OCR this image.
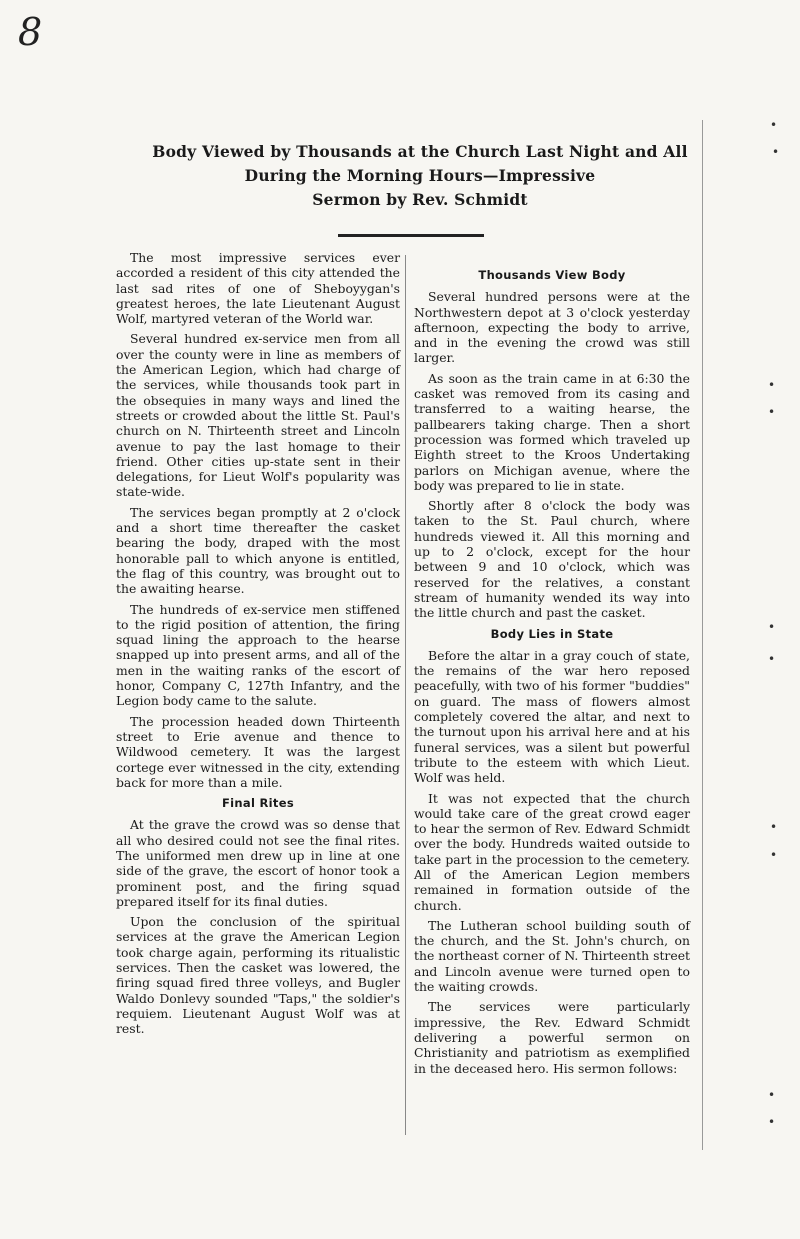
8
Body Viewed by Thousands at the Church Last Night and All
During the Morning Hours—Impressive
Sermon by Rev. Schmidt

The most impressive services ever accorded a resident of this city attended the last sad rites of one of Sheboyygan's greatest heroes, the late Lieutenant August Wolf, martyred veteran of the World war.

Several hundred ex-service men from all over the county were in line as members of the American Legion, which had charge of the services, while thousands took part in the obsequies in many ways and lined the streets or crowded about the little St. Paul's church on N. Thirteenth street and Lincoln avenue to pay the last homage to their friend. Other cities up-state sent in their delegations, for Lieut Wolf's popularity was state-wide.

The services began promptly at 2 o'clock and a short time thereafter the casket bearing the body, draped with the most honorable pall to which anyone is entitled, the flag of this country, was brought out to the awaiting hearse.

The hundreds of ex-service men stiffened to the rigid position of attention, the firing squad lining the approach to the hearse snapped up into present arms, and all of the men in the waiting ranks of the escort of honor, Company C, 127th Infantry, and the Legion body came to the salute.

The procession headed down Thirteenth street to Erie avenue and thence to Wildwood cemetery. It was the largest cortege ever witnessed in the city, extending back for more than a mile.

Final Rites

At the grave the crowd was so dense that all who desired could not see the final rites. The uniformed men drew up in line at one side of the grave, the escort of honor took a prominent post, and the firing squad prepared itself for its final duties.

Upon the conclusion of the spiritual services at the grave the American Legion took charge again, performing its ritualistic services. Then the casket was lowered, the firing squad fired three volleys, and Bugler Waldo Donlevy sounded "Taps," the soldier's requiem. Lieutenant August Wolf was at rest.

Thousands View Body

Several hundred persons were at the Northwestern depot at 3 o'clock yesterday afternoon, expecting the body to arrive, and in the evening the crowd was still larger.

As soon as the train came in at 6:30 the casket was removed from its casing and transferred to a waiting hearse, the pallbearers taking charge. Then a short procession was formed which traveled up Eighth street to the Kroos Undertaking parlors on Michigan avenue, where the body was prepared to lie in state.

Shortly after 8 o'clock the body was taken to the St. Paul church, where hundreds viewed it. All this morning and up to 2 o'clock, except for the hour between 9 and 10 o'clock, which was reserved for the relatives, a constant stream of humanity wended its way into the little church and past the casket.

Body Lies in State

Before the altar in a gray couch of state, the remains of the war hero reposed peacefully, with two of his former "buddies" on guard. The mass of flowers almost completely covered the altar, and next to the turnout upon his arrival here and at his funeral services, was a silent but powerful tribute to the esteem with which Lieut. Wolf was held.

It was not expected that the church would take care of the great crowd eager to hear the sermon of Rev. Edward Schmidt over the body. Hundreds waited outside to take part in the procession to the cemetery. All of the American Legion members remained in formation outside of the church.

The Lutheran school building south of the church, and the St. John's church, on the northeast corner of N. Thirteenth street and Lincoln avenue were turned open to the waiting crowds.

The services were particularly impressive, the Rev. Edward Schmidt delivering a powerful sermon on Christianity and patriotism as exemplified in the deceased hero. His sermon follows:

•
•
•
•
•
•
•
•
•
•
